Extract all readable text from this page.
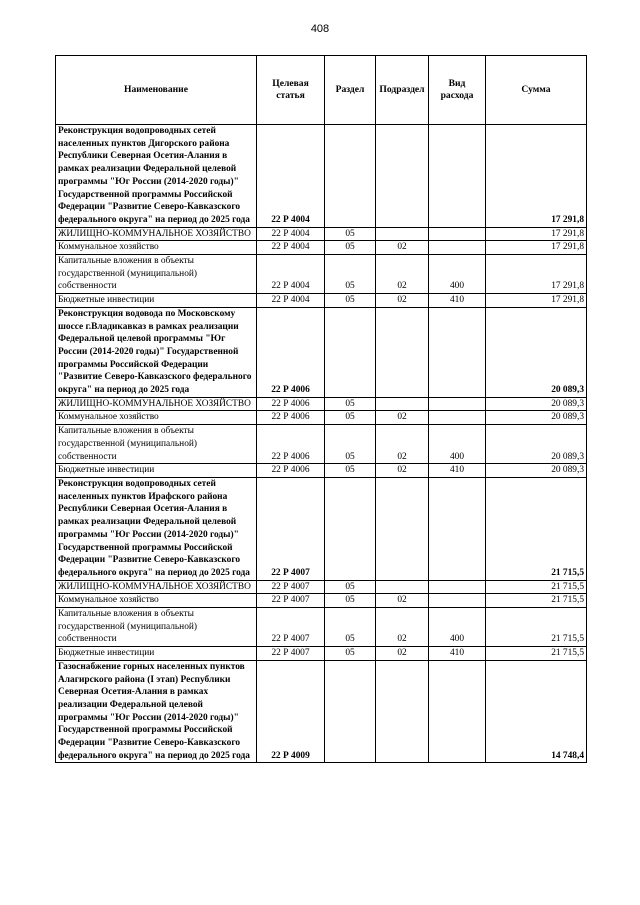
408
Наименование	Целевая статья	Раздел	Подраздел	Вид расхода	Сумма
Реконструкция водопроводных сетей населенных пунктов Дигорского района Республики Северная Осетия-Алания в рамках реализации Федеральной целевой программы "Юг России (2014-2020 годы)" Государственной программы Российской Федерации "Развитие Северо-Кавказского федерального округа" на период до 2025 года	22 Р 4004				17 291,8
ЖИЛИЩНО-КОММУНАЛЬНОЕ ХОЗЯЙСТВО	22 Р 4004	05			17 291,8
Коммунальное хозяйство	22 Р 4004	05	02		17 291,8
Капитальные вложения в объекты государственной (муниципальной) собственности	22 Р 4004	05	02	400	17 291,8
Бюджетные инвестиции	22 Р 4004	05	02	410	17 291,8
Реконструкция водовода по Московскому шоссе г.Владикавказ в рамках реализации Федеральной целевой программы "Юг России (2014-2020 годы)" Государственной программы Российской Федерации "Развитие Северо-Кавказского федерального округа" на период до 2025 года	22 Р 4006				20 089,3
ЖИЛИЩНО-КОММУНАЛЬНОЕ ХОЗЯЙСТВО	22 Р 4006	05			20 089,3
Коммунальное хозяйство	22 Р 4006	05	02		20 089,3
Капитальные вложения в объекты государственной (муниципальной) собственности	22 Р 4006	05	02	400	20 089,3
Бюджетные инвестиции	22 Р 4006	05	02	410	20 089,3
Реконструкция водопроводных сетей населенных пунктов Ирафского района Республики Северная Осетия-Алания в рамках реализации Федеральной целевой программы "Юг России (2014-2020 годы)" Государственной программы Российской Федерации "Развитие Северо-Кавказского федерального округа" на период до 2025 года	22 Р 4007				21 715,5
ЖИЛИЩНО-КОММУНАЛЬНОЕ ХОЗЯЙСТВО	22 Р 4007	05			21 715,5
Коммунальное хозяйство	22 Р 4007	05	02		21 715,5
Капитальные вложения в объекты государственной (муниципальной) собственности	22 Р 4007	05	02	400	21 715,5
Бюджетные инвестиции	22 Р 4007	05	02	410	21 715,5
Газоснабжение горных населенных пунктов Алагирского района (I этап) Республики Северная Осетия-Алания в рамках реализации Федеральной целевой программы "Юг России (2014-2020 годы)" Государственной программы Российской Федерации "Развитие Северо-Кавказского федерального округа" на период до 2025 года	22 Р 4009				14 748,4
